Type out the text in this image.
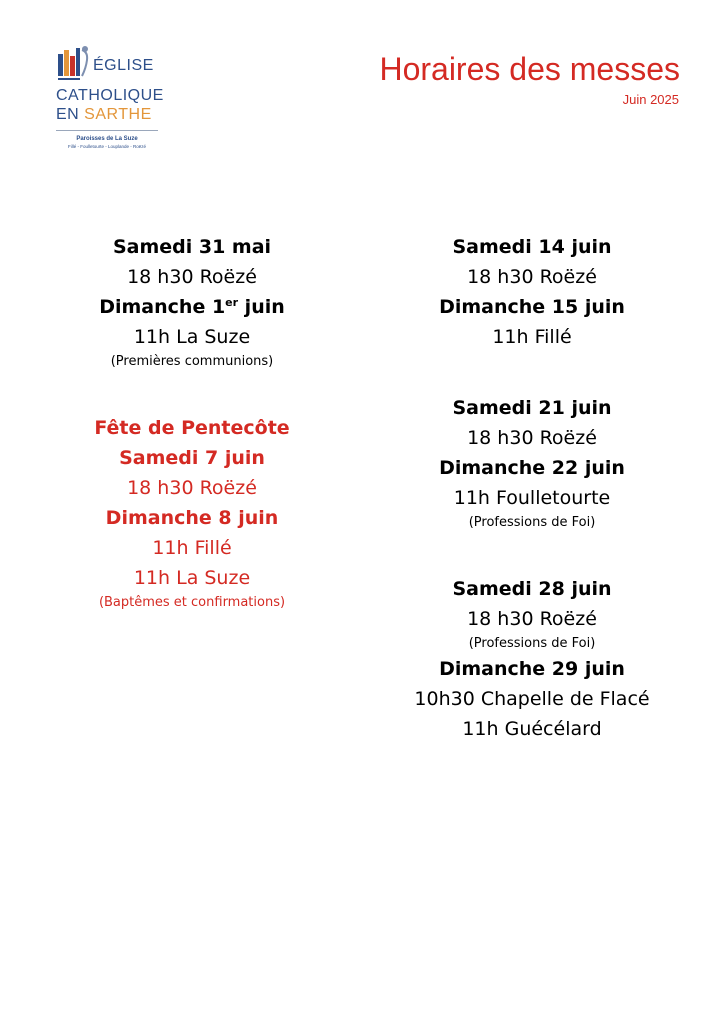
ÉGLISE
CATHOLIQUE
EN SARTHE
Paroisses de La Suze
Fillé - Foulletourte - Louplande - Roëzé
Horaires des messes
Juin 2025
Samedi 31 mai
18 h30 Roëzé
Dimanche 1er juin
11h La Suze
(Premières communions)
Fête de Pentecôte
Samedi 7 juin
18 h30 Roëzé
Dimanche 8 juin
11h Fillé
11h La Suze
(Baptêmes et confirmations)
Samedi 14 juin
18 h30 Roëzé
Dimanche 15 juin
11h Fillé
Samedi 21 juin
18 h30 Roëzé
Dimanche 22 juin
11h Foulletourte
(Professions de Foi)
Samedi 28 juin
18 h30 Roëzé
(Professions de Foi)
Dimanche 29 juin
10h30 Chapelle de Flacé
11h Guécélard
